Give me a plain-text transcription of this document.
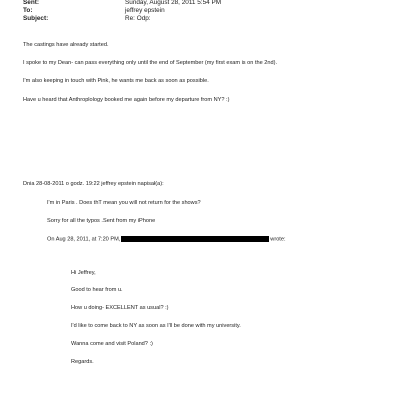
Sent:	Sunday, August 28, 2011 5:54 PM
To:	jeffrey epstein
Subject:	Re: Odp:
The castings have already started.
I spoke to my Dean- can pass everything only until the end of September (my first exam is on the 2nd).
I'm also keeping in touch with Pink, he wants me back as soon as possible.
Have u heard that Anthroplology booked me again before my departure from NY? :)
Dnia 28-08-2011 o godz. 19:22 jeffrey epstein napisał(a):
I'm in Paris . Does thT mean you will not return for the shows?
Sorry for all the typos .Sent from my iPhone
On Aug 28, 2011, at 7:20 PM,	wrote:
Hi Jeffrey,
Good to hear from u.
How u doing- EXCELLENT as usual? :)
I'd like to come back to NY as soon as I'll be done with my university.
Wanna come and visit Poland? :)
Regards.
